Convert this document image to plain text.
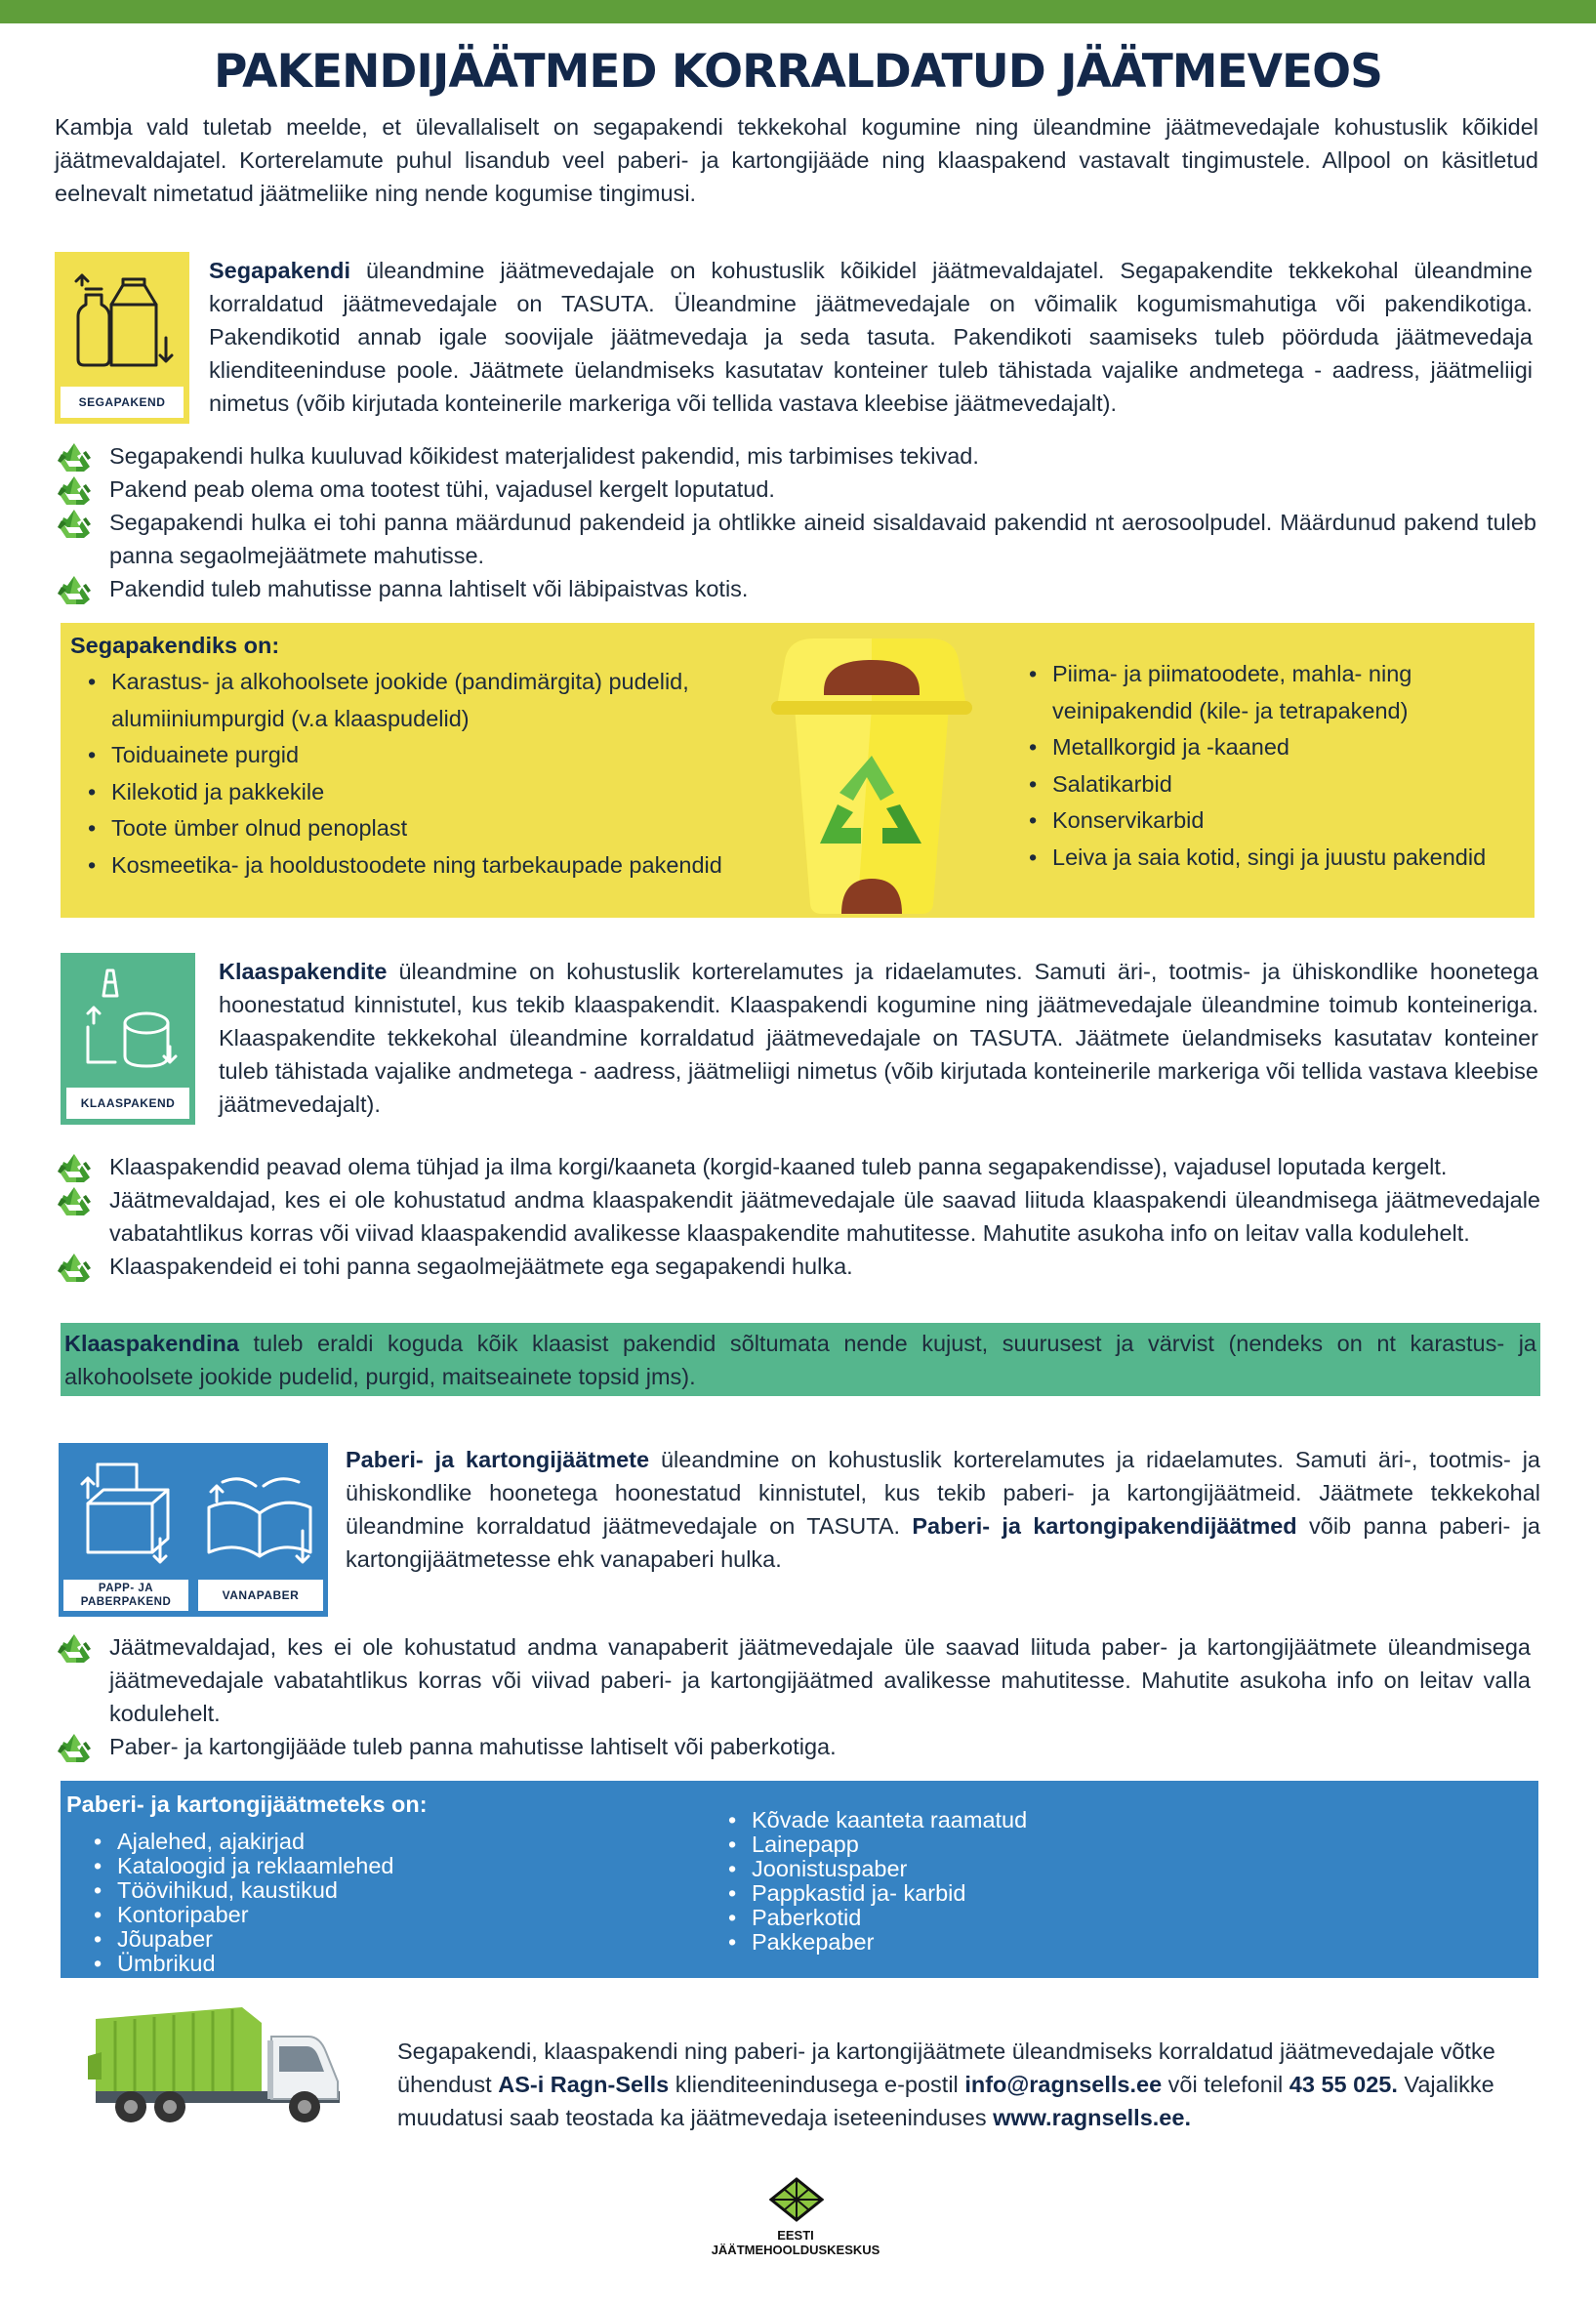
PAKENDIJÄÄTMED KORRALDATUD JÄÄTMEVEOS

Kambja vald tuletab meelde, et ülevallaliselt on segapakendi tekkekohal kogumine ning üleandmine jäätmevedajale kohustuslik kõikidel jäätmevaldajatel. Korterelamute puhul lisandub veel paberi- ja kartongijääde ning klaaspakend vastavalt tingimustele. Allpool on käsitletud eelnevalt nimetatud jäätmeliike ning nende kogumise tingimusi.

SEGAPAKEND

Segapakendi üleandmine jäätmevedajale on kohustuslik kõikidel jäätmevaldajatel. Segapakendite tekkekohal üleandmine korraldatud jäätmevedajale on TASUTA. Üleandmine jäätmevedajale on võimalik kogumismahutiga või pakendikotiga. Pakendikotid annab igale soovijale jäätmevedaja ja seda tasuta. Pakendikoti saamiseks tuleb pöörduda jäätmevedaja klienditeeninduse poole. Jäätmete üelandmiseks kasutatav konteiner tuleb tähistada vajalike andmetega - aadress, jäätmeliigi nimetus (võib kirjutada konteinerile markeriga või tellida vastava kleebise jäätmevedajalt).

Segapakendi hulka kuuluvad kõikidest materjalidest pakendid, mis tarbimises tekivad.
Pakend peab olema oma tootest tühi, vajadusel kergelt loputatud.
Segapakendi hulka ei tohi panna määrdunud pakendeid ja ohtlikke aineid sisaldavaid pakendid nt aerosoolpudel. Määrdunud pakend tuleb panna segaolmejäätmete mahutisse.
Pakendid tuleb mahutisse panna lahtiselt või läbipaistvas kotis.
Segapakendiks on:
• Karastus- ja alkohoolsete jookide (pandimärgita) pudelid, alumiiniumpurgid (v.a klaaspudelid)
• Toiduainete purgid
• Kilekotid ja pakkekile
• Toote ümber olnud penoplast
• Kosmeetika- ja hooldustoodete ning tarbekaupade pakendid
• Piima- ja piimatoodete, mahla- ning veinipakendid (kile- ja tetrapakend)
• Metallkorgid ja -kaaned
• Salatikarbid
• Konservikarbid
• Leiva ja saia kotid, singi ja juustu pakendid
KLAASPAKEND

Klaaspakendite üleandmine on kohustuslik korterelamutes ja ridaelamutes. Samuti äri-, tootmis- ja ühiskondlike hoonetega hoonestatud kinnistutel, kus tekib klaaspakendit. Klaaspakendi kogumine ning jäätmevedajale üleandmine toimub konteineriga. Klaaspakendite tekkekohal üleandmine korraldatud jäätmevedajale on TASUTA. Jäätmete üelandmiseks kasutatav konteiner tuleb tähistada vajalike andmetega - aadress, jäätmeliigi nimetus (võib kirjutada konteinerile markeriga või tellida vastava kleebise jäätmevedajalt).

Klaaspakendid peavad olema tühjad ja ilma korgi/kaaneta (korgid-kaaned tuleb panna segapakendisse), vajadusel loputada kergelt.
Jäätmevaldajad, kes ei ole kohustatud andma klaaspakendit jäätmevedajale üle saavad liituda klaaspakendi üleandmisega jäätmevedajale vabatahtlikus korras või viivad klaaspakendid avalikesse klaaspakendite mahutitesse. Mahutite asukoha info on leitav valla kodulehelt.
Klaaspakendeid ei tohi panna segaolmejäätmete ega segapakendi hulka.
Klaaspakendina tuleb eraldi koguda kõik klaasist pakendid sõltumata nende kujust, suurusest ja värvist (nendeks on nt karastus- ja alkohoolsete jookide pudelid, purgid, maitseainete topsid jms).
PAPP- JA PABERPAKEND	VANAPABER

Paberi- ja kartongijäätmete üleandmine on kohustuslik korterelamutes ja ridaelamutes. Samuti äri-, tootmis- ja ühiskondlike hoonetega hoonestatud kinnistutel, kus tekib paberi- ja kartongijäätmeid. Jäätmete tekkekohal üleandmine korraldatud jäätmevedajale on TASUTA. Paberi- ja kartongipakendijäätmed võib panna paberi- ja kartongijäätmetesse ehk vanapaberi hulka.

Jäätmevaldajad, kes ei ole kohustatud andma vanapaberit jäätmevedajale üle saavad liituda paber- ja kartongijäätmete üleandmisega jäätmevedajale vabatahtlikus korras või viivad paberi- ja kartongijäätmed avalikesse mahutitesse. Mahutite asukoha info on leitav valla kodulehelt.
Paber- ja kartongijääde tuleb panna mahutisse lahtiselt või paberkotiga.
Paberi- ja kartongijäätmeteks on:
• Ajalehed, ajakirjad
• Kataloogid ja reklaamlehed
• Töövihikud, kaustikud
• Kontoripaber
• Jõupaber
• Ümbrikud
• Kõvade kaanteta raamatud
• Lainepapp
• Joonistuspaber
• Pappkastid ja- karbid
• Paberkotid
• Pakkepaber

Segapakendi, klaaspakendi ning paberi- ja kartongijäätmete üleandmiseks korraldatud jäätmevedajale võtke ühendust AS-i Ragn-Sells klienditeenindusega e-postil info@ragnsells.ee või telefonil 43 55 025. Vajalikke muudatusi saab teostada ka jäätmevedaja iseteeninduses www.ragnsells.ee.

EESTI
JÄÄTMEHOOLDUSKESKUS
